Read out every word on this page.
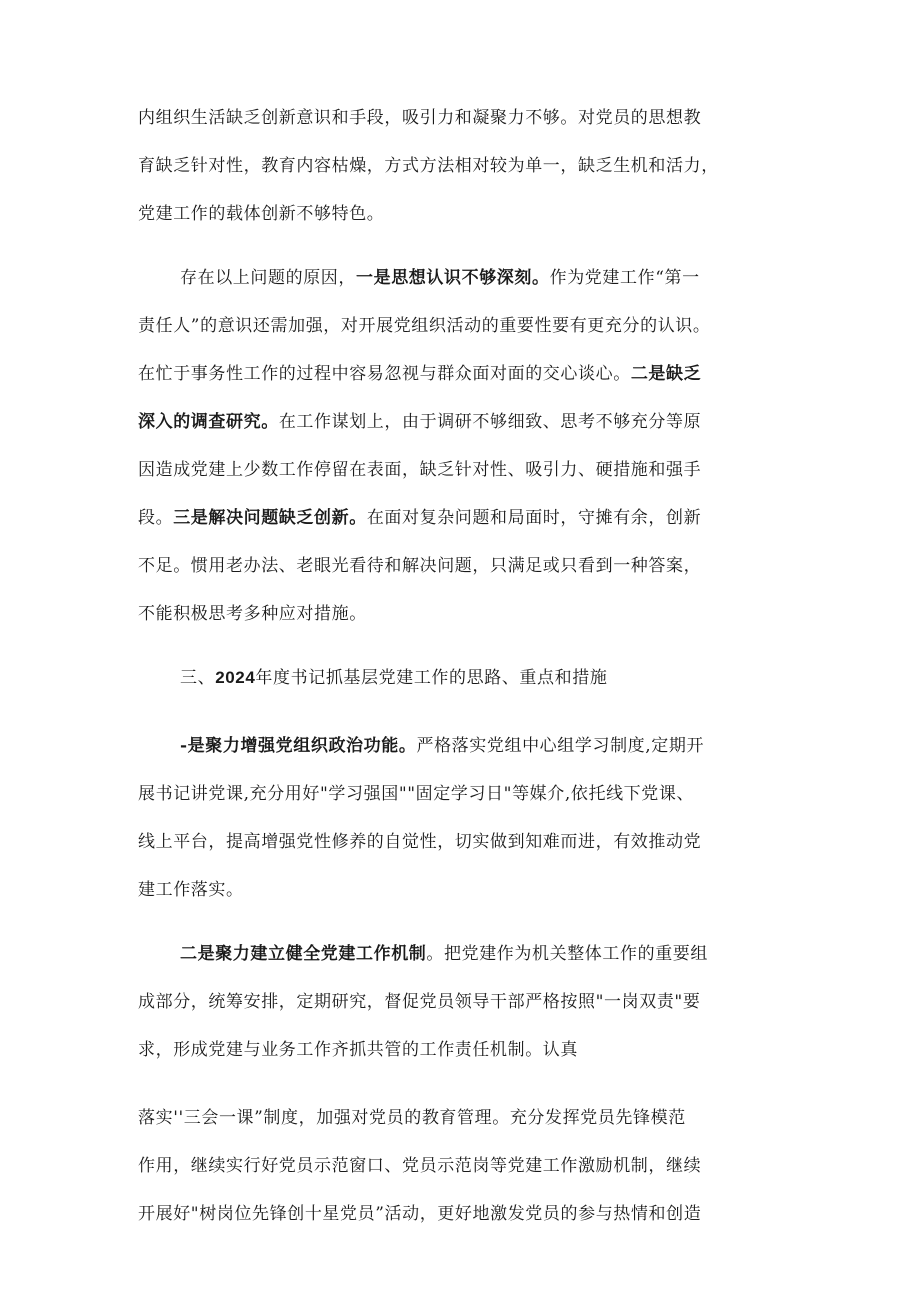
内组织生活缺乏创新意识和手段，吸引力和凝聚力不够。对党员的思想教
育缺乏针对性，教育内容枯燥，方式方法相对较为单一，缺乏生机和活力，
党建工作的载体创新不够特色。
存在以上问题的原因，一是思想认识不够深刻。作为党建工作“第一
责任人”的意识还需加强，对开展党组织活动的重要性要有更充分的认识。
在忙于事务性工作的过程中容易忽视与群众面对面的交心谈心。二是缺乏
深入的调查研究。在工作谋划上，由于调研不够细致、思考不够充分等原
因造成党建上少数工作停留在表面，缺乏针对性、吸引力、硬措施和强手
段。三是解决问题缺乏创新。在面对复杂问题和局面时，守摊有余，创新
不足。惯用老办法、老眼光看待和解决问题，只满足或只看到一种答案，
不能积极思考多种应对措施。
三、2024年度书记抓基层党建工作的思路、重点和措施
-是聚力增强党组织政治功能。严格落实党组中心组学习制度,定期开
展书记讲党课,充分用好"学习强国""固定学习日"等媒介,依托线下党课、
线上平台，提高增强党性修养的自觉性，切实做到知难而进，有效推动党
建工作落实。
二是聚力建立健全党建工作机制。把党建作为机关整体工作的重要组
成部分，统筹安排，定期研究，督促党员领导干部严格按照"一岗双责"要
求，形成党建与业务工作齐抓共管的工作责任机制。认真
落实''三会一课”制度，加强对党员的教育管理。充分发挥党员先锋模范
作用，继续实行好党员示范窗口、党员示范岗等党建工作激励机制，继续
开展好"树岗位先锋创十星党员”活动，更好地激发党员的参与热情和创造
